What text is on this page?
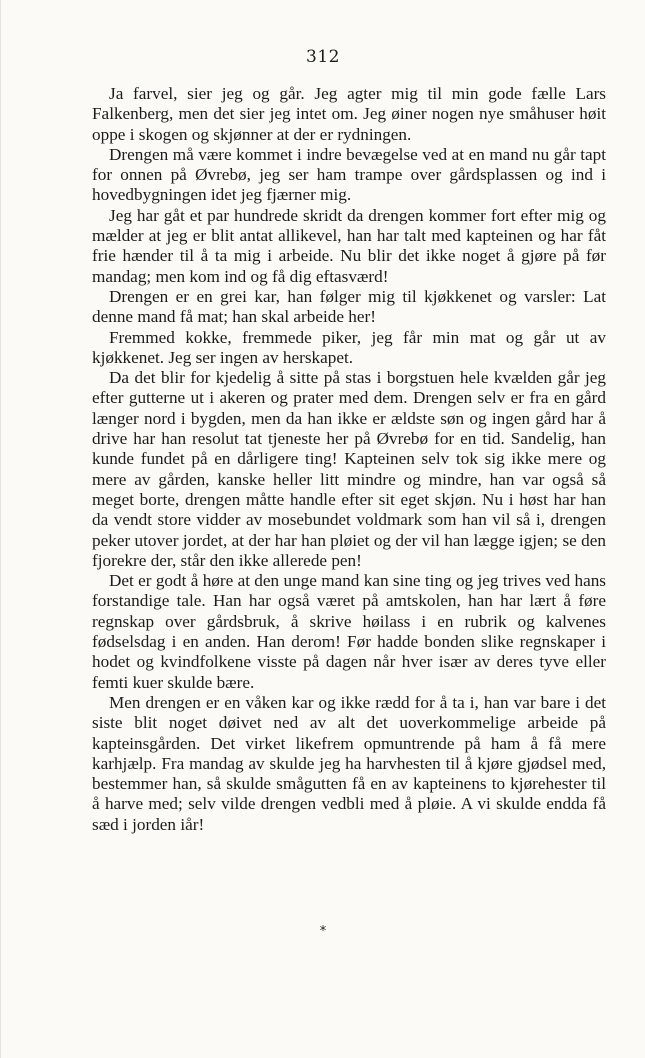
312

Ja farvel, sier jeg og går. Jeg agter mig til min gode fælle Lars Falkenberg, men det sier jeg intet om. Jeg øiner nogen nye småhuser høit oppe i skogen og skjønner at der er rydningen.

Drengen må være kommet i indre bevægelse ved at en mand nu går tapt for onnen på Øvrebø, jeg ser ham trampe over gårdsplassen og ind i hovedbygningen idet jeg fjærner mig.

Jeg har gåt et par hundrede skridt da drengen kommer fort efter mig og mælder at jeg er blit antat allikevel, han har talt med kapteinen og har fåt frie hænder til å ta mig i arbeide. Nu blir det ikke noget å gjøre på før mandag; men kom ind og få dig eftasværd!

Drengen er en grei kar, han følger mig til kjøkkenet og varsler: Lat denne mand få mat; han skal arbeide her!

Fremmed kokke, fremmede piker, jeg får min mat og går ut av kjøkkenet. Jeg ser ingen av herskapet.

Da det blir for kjedelig å sitte på stas i borgstuen hele kvælden går jeg efter gutterne ut i akeren og prater med dem. Drengen selv er fra en gård længer nord i bygden, men da han ikke er ældste søn og ingen gård har å drive har han resolut tat tjeneste her på Øvrebø for en tid. Sandelig, han kunde fundet på en dårligere ting! Kapteinen selv tok sig ikke mere og mere av gården, kanske heller litt mindre og mindre, han var også så meget borte, drengen måtte handle efter sit eget skjøn. Nu i høst har han da vendt store vidder av mosebundet voldmark som han vil så i, drengen peker utover jordet, at der har han pløiet og der vil han lægge igjen; se den fjorekre der, står den ikke allerede pen!

Det er godt å høre at den unge mand kan sine ting og jeg trives ved hans forstandige tale. Han har også været på amtskolen, han har lært å føre regnskap over gårdsbruk, å skrive høilass i en rubrik og kalvenes fødselsdag i en anden. Han derom! Før hadde bonden slike regnskaper i hodet og kvindfolkene visste på dagen når hver især av deres tyve eller femti kuer skulde bære.

Men drengen er en våken kar og ikke rædd for å ta i, han var bare i det siste blit noget døivet ned av alt det uoverkommelige arbeide på kapteinsgården. Det virket likefrem opmuntrende på ham å få mere karhjælp. Fra mandag av skulde jeg ha harvhesten til å kjøre gjødsel med, bestemmer han, så skulde smågutten få en av kapteinens to kjørehester til å harve med; selv vilde drengen vedbli med å pløie. A vi skulde endda få sæd i jorden iår!

*
